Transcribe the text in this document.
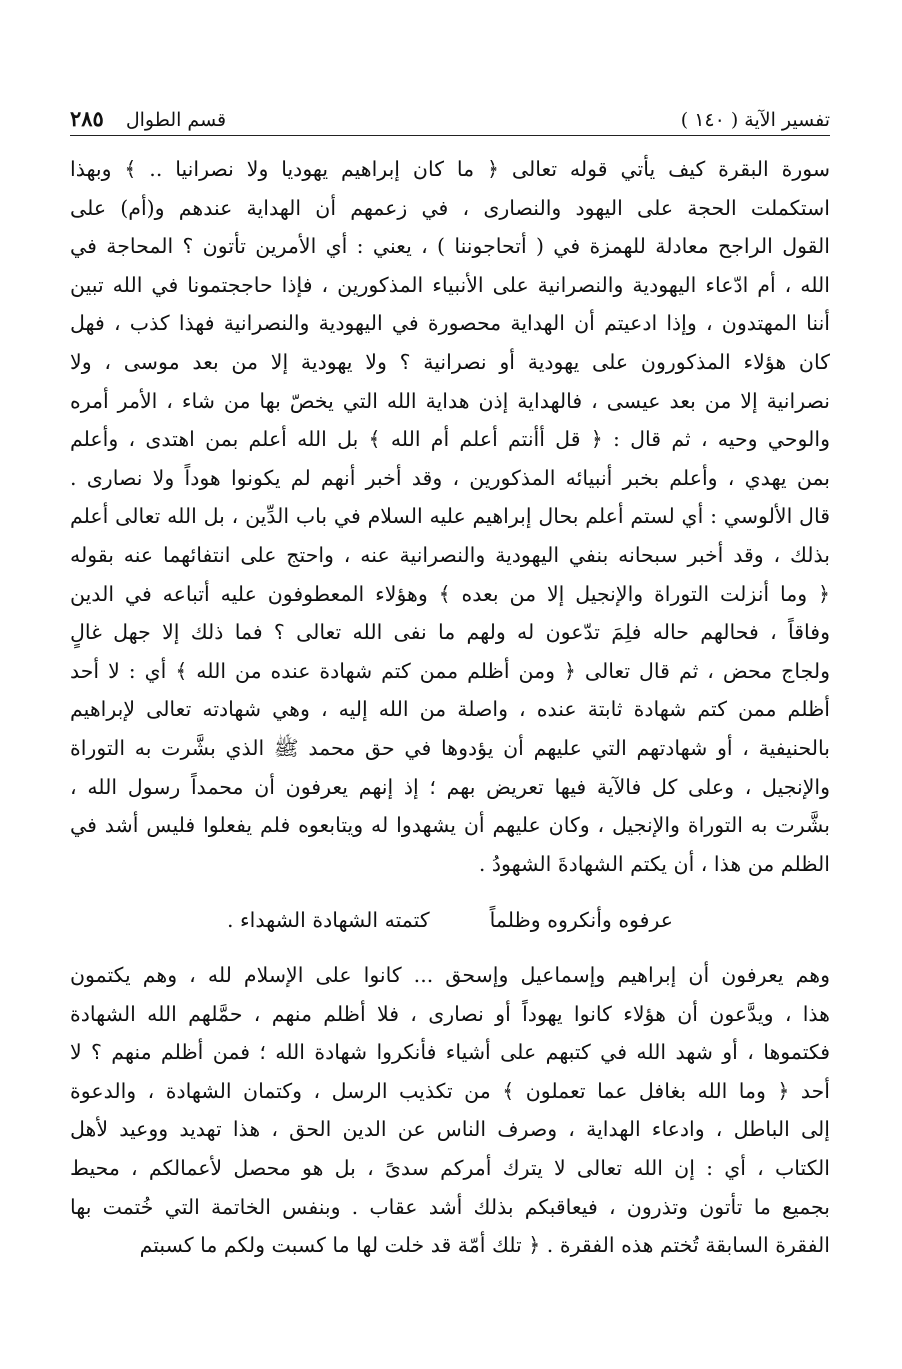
تفسير الآية ( ١٤٠ )
قسم الطوال
٢٨٥
سورة البقرة كيف يأتي قوله تعالى ﴿ ما كان إبراهيم يهوديا ولا نصرانيا .. ﴾ وبهذا
استكملت الحجة على اليهود والنصارى ، في زعمهم أن الهداية عندهم و(أم) على
القول الراجح معادلة للهمزة في ( أتحاجوننا ) ، يعني : أي الأمرين تأتون ؟ المحاجة في
الله ، أم ادّعاء اليهودية والنصرانية على الأنبياء المذكورين ، فإذا حاججتمونا في الله تبين
أننا المهتدون ، وإذا ادعيتم أن الهداية محصورة في اليهودية والنصرانية فهذا كذب ، فهل
كان هؤلاء المذكورون على يهودية أو نصرانية ؟ ولا يهودية إلا من بعد موسى ، ولا
نصرانية إلا من بعد عيسى ، فالهداية إذن هداية الله التي يخصّ بها من شاء ، الأمر أمره
والوحي وحيه ، ثم قال : ﴿ قل أأنتم أعلم أم الله ﴾ بل الله أعلم بمن اهتدى ، وأعلم
بمن يهدي ، وأعلم بخبر أنبيائه المذكورين ، وقد أخبر أنهم لم يكونوا هوداً ولا نصارى .
قال الألوسي : أي لستم أعلم بحال إبراهيم عليه السلام في باب الدِّين ، بل الله تعالى أعلم
بذلك ، وقد أخبر سبحانه بنفي اليهودية والنصرانية عنه ، واحتج على انتفائهما عنه بقوله
﴿ وما أنزلت التوراة والإنجيل إلا من بعده ﴾ وهؤلاء المعطوفون عليه أتباعه في الدين
وفاقاً ، فحالهم حاله فلِمَ تدّعون له ولهم ما نفى الله تعالى ؟ فما ذلك إلا جهل غالٍ
ولجاج محض ، ثم قال تعالى ﴿ ومن أظلم ممن كتم شهادة عنده من الله ﴾ أي : لا أحد
أظلم ممن كتم شهادة ثابتة عنده ، واصلة من الله إليه ، وهي شهادته تعالى لإبراهيم
بالحنيفية ، أو شهادتهم التي عليهم أن يؤدوها في حق محمد ﷺ الذي بشَّرت به التوراة
والإنجيل ، وعلى كل فالآية فيها تعريض بهم ؛ إذ إنهم يعرفون أن محمداً رسول الله ،
بشَّرت به التوراة والإنجيل ، وكان عليهم أن يشهدوا له ويتابعوه فلم يفعلوا فليس أشد في
الظلم من هذا ، أن يكتم الشهادةَ الشهودُ .
عرفوه وأنكروه وظلماً
كتمته الشهادة الشهداء .
وهم يعرفون أن إبراهيم وإسماعيل وإسحق ... كانوا على الإسلام لله ، وهم يكتمون
هذا ، ويدَّعون أن هؤلاء كانوا يهوداً أو نصارى ، فلا أظلم منهم ، حمَّلهم الله الشهادة
فكتموها ، أو شهد الله في كتبهم على أشياء فأنكروا شهادة الله ؛ فمن أظلم منهم ؟ لا
أحد ﴿ وما الله بغافل عما تعملون ﴾ من تكذيب الرسل ، وكتمان الشهادة ، والدعوة
إلى الباطل ، وادعاء الهداية ، وصرف الناس عن الدين الحق ، هذا تهديد ووعيد لأهل
الكتاب ، أي : إن الله تعالى لا يترك أمركم سدىً ، بل هو محصل لأعمالكم ، محيط
بجميع ما تأتون وتذرون ، فيعاقبكم بذلك أشد عقاب . وبنفس الخاتمة التي خُتمت بها
الفقرة السابقة تُختم هذه الفقرة . ﴿ تلك أمّة قد خلت لها ما كسبت ولكم ما كسبتم
